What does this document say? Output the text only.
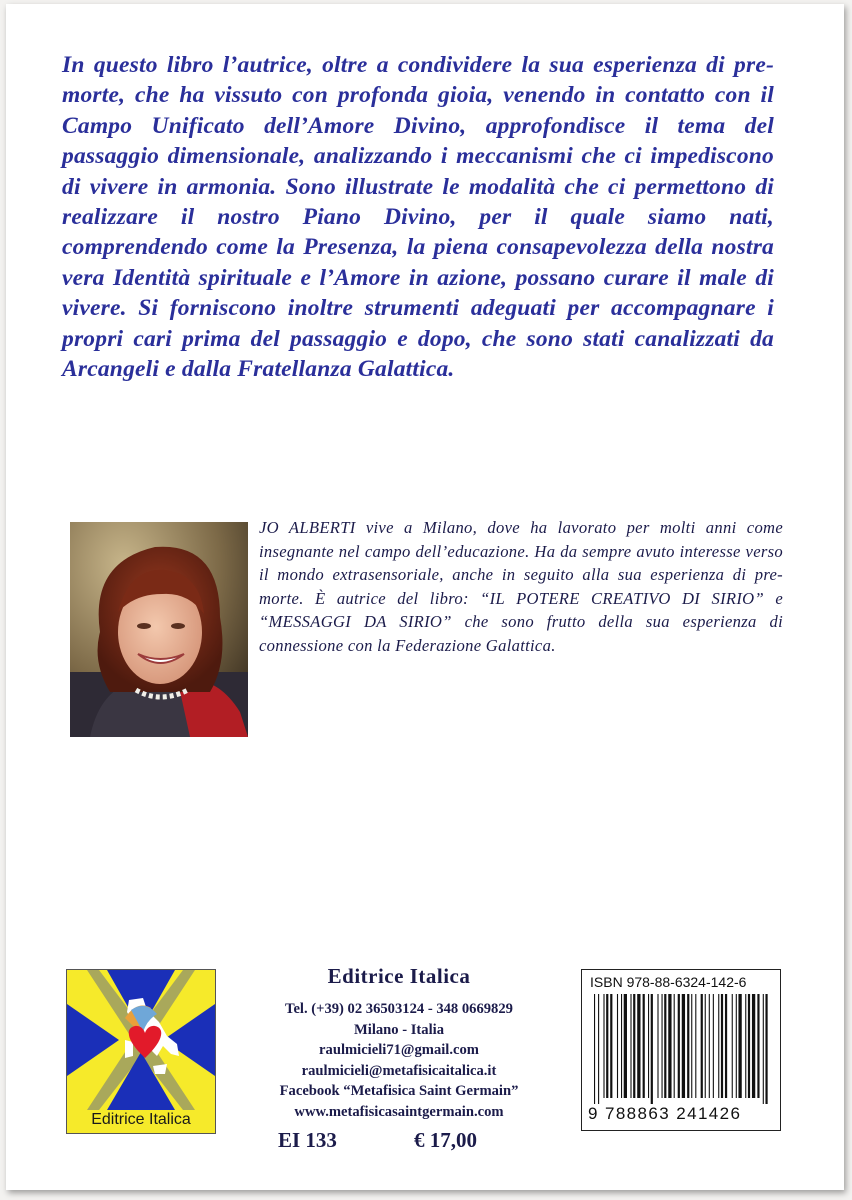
In questo libro l’autrice, oltre a condividere la sua esperienza di pre-morte, che ha vissuto con profonda gioia, venendo in contatto con il Campo Unificato dell’Amore Divino, approfondisce il tema del passaggio dimensionale, analizzando i meccanismi che ci impediscono di vivere in armonia. Sono illustrate le modalità che ci permettono di realizzare il nostro Piano Divino, per il quale siamo nati, comprendendo come la Presenza, la piena consapevolezza della nostra vera Identità spirituale e l’Amore in azione, possano curare il male di vivere. Si forniscono inoltre strumenti adeguati per accompagnare i propri cari prima del passaggio e dopo, che sono stati canalizzati da Arcangeli e dalla Fratellanza Galattica.
JO ALBERTI vive a Milano, dove ha lavorato per molti anni come insegnante nel campo dell’educazione. Ha da sempre avuto interesse verso il mondo extrasensoriale, anche in seguito alla sua esperienza di pre-morte. È autrice del libro: “IL POTERE CREATIVO DI SIRIO” e “MESSAGGI DA SIRIO” che sono frutto della sua esperienza di connessione con la Federazione Galattica.
Editrice Italica
Editrice Italica
Tel. (+39) 02 36503124 - 348 0669829
Milano - Italia
raulmicieli71@gmail.com
raulmicieli@metafisicaitalica.it
Facebook “Metafisica Saint Germain”
www.metafisicasaintgermain.com
EI 133	€ 17,00
ISBN 978-88-6324-142-6
9 788863 241426
